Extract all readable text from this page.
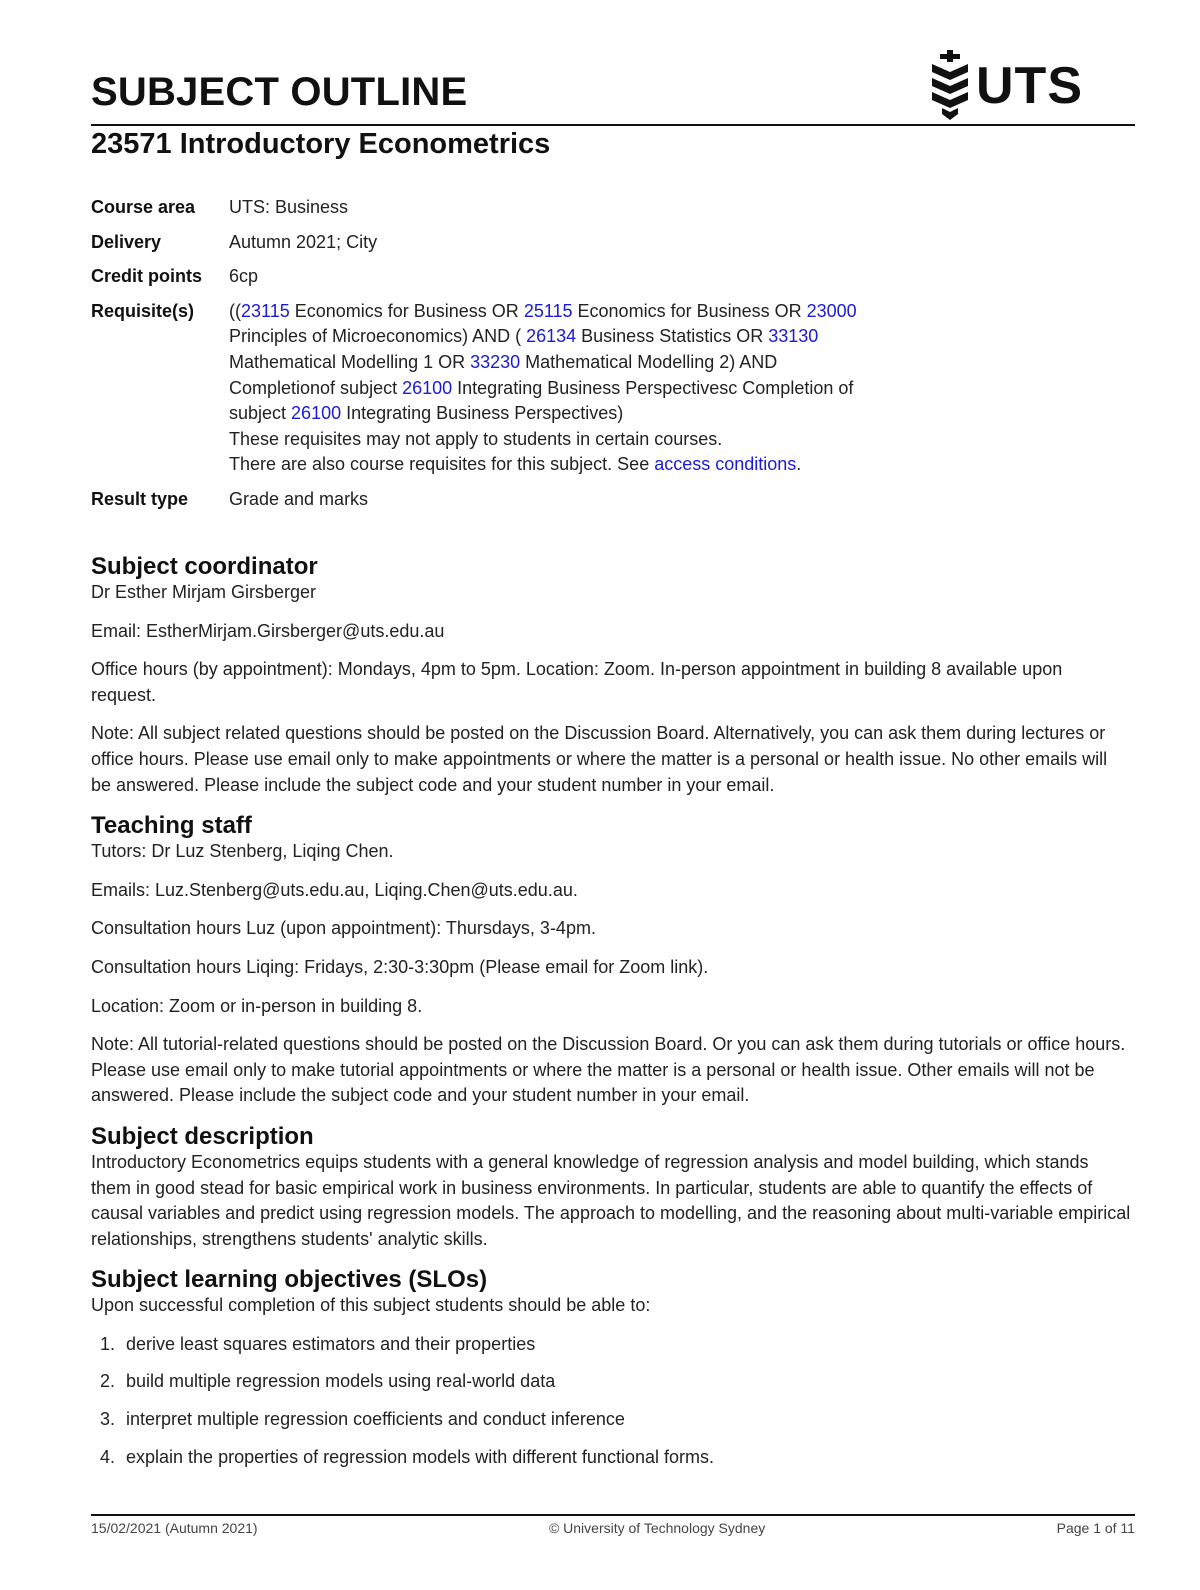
SUBJECT OUTLINE	UTS
23571 Introductory Econometrics
Course area	UTS: Business
Delivery	Autumn 2021; City
Credit points	6cp
Requisite(s)	((23115 Economics for Business OR 25115 Economics for Business OR 23000
Principles of Microeconomics) AND ( 26134 Business Statistics OR 33130
Mathematical Modelling 1 OR 33230 Mathematical Modelling 2) AND
Completionof subject 26100 Integrating Business Perspectivesc Completion of
subject 26100 Integrating Business Perspectives)
These requisites may not apply to students in certain courses.
There are also course requisites for this subject. See access conditions.
Result type	Grade and marks
Subject coordinator

Dr Esther Mirjam Girsberger

Email: EstherMirjam.Girsberger@uts.edu.au

Office hours (by appointment): Mondays, 4pm to 5pm. Location: Zoom. In-person appointment in building 8 available upon request.

Note: All subject related questions should be posted on the Discussion Board. Alternatively, you can ask them during lectures or office hours. Please use email only to make appointments or where the matter is a personal or health issue. No other emails will be answered. Please include the subject code and your student number in your email.

Teaching staff

Tutors: Dr Luz Stenberg, Liqing Chen.

Emails: Luz.Stenberg@uts.edu.au, Liqing.Chen@uts.edu.au.

Consultation hours Luz (upon appointment): Thursdays, 3-4pm.

Consultation hours Liqing: Fridays, 2:30-3:30pm (Please email for Zoom link).

Location: Zoom or in-person in building 8.

Note: All tutorial-related questions should be posted on the Discussion Board. Or you can ask them during tutorials or office hours. Please use email only to make tutorial appointments or where the matter is a personal or health issue. Other emails will not be answered. Please include the subject code and your student number in your email.

Subject description

Introductory Econometrics equips students with a general knowledge of regression analysis and model building, which stands them in good stead for basic empirical work in business environments. In particular, students are able to quantify the effects of causal variables and predict using regression models. The approach to modelling, and the reasoning about multi-variable empirical relationships, strengthens students' analytic skills.

Subject learning objectives (SLOs)

Upon successful completion of this subject students should be able to:

1. derive least squares estimators and their properties
2. build multiple regression models using real-world data
3. interpret multiple regression coefficients and conduct inference
4. explain the properties of regression models with different functional forms.
15/02/2021 (Autumn 2021)	© University of Technology Sydney	Page 1 of 11
